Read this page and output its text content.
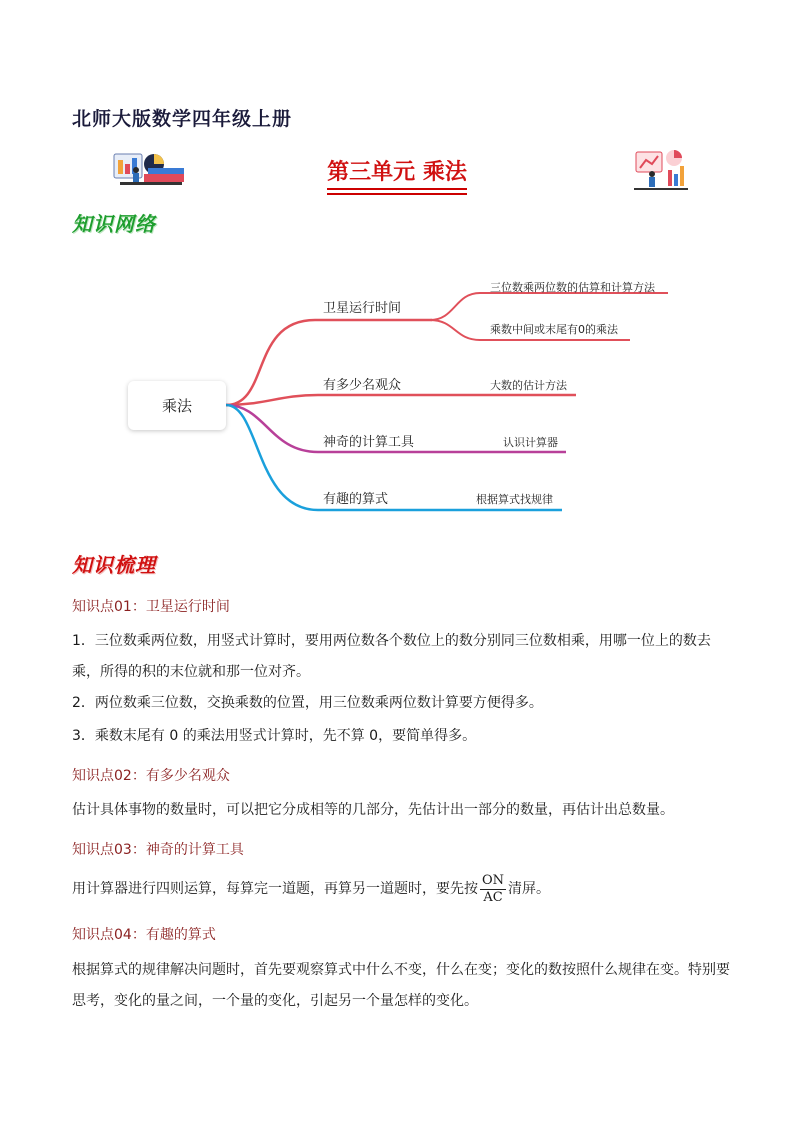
北师大版数学四年级上册
第三单元 乘法
知识网络
乘法
卫星运行时间
三位数乘两位数的估算和计算方法
乘数中间或末尾有0的乘法
有多少名观众	大数的估计方法
神奇的计算工具	认识计算器
有趣的算式	根据算式找规律
知识梳理
知识点01：卫星运行时间
1．三位数乘两位数，用竖式计算时，要用两位数各个数位上的数分别同三位数相乘，用哪一位上的数去乘，所得的积的末位就和那一位对齐。
2．两位数乘三位数，交换乘数的位置，用三位数乘两位数计算要方便得多。
3．乘数末尾有 0 的乘法用竖式计算时，先不算 0，要简单得多。
知识点02：有多少名观众
估计具体事物的数量时，可以把它分成相等的几部分，先估计出一部分的数量，再估计出总数量。
知识点03：神奇的计算工具
用计算器进行四则运算，每算完一道题，再算另一道题时，要先按 $\frac{ON}{AC}$ 清屏。
知识点04：有趣的算式
根据算式的规律解决问题时，首先要观察算式中什么不变，什么在变；变化的数按照什么规律在变。特别要思考，变化的量之间，一个量的变化，引起另一个量怎样的变化。
